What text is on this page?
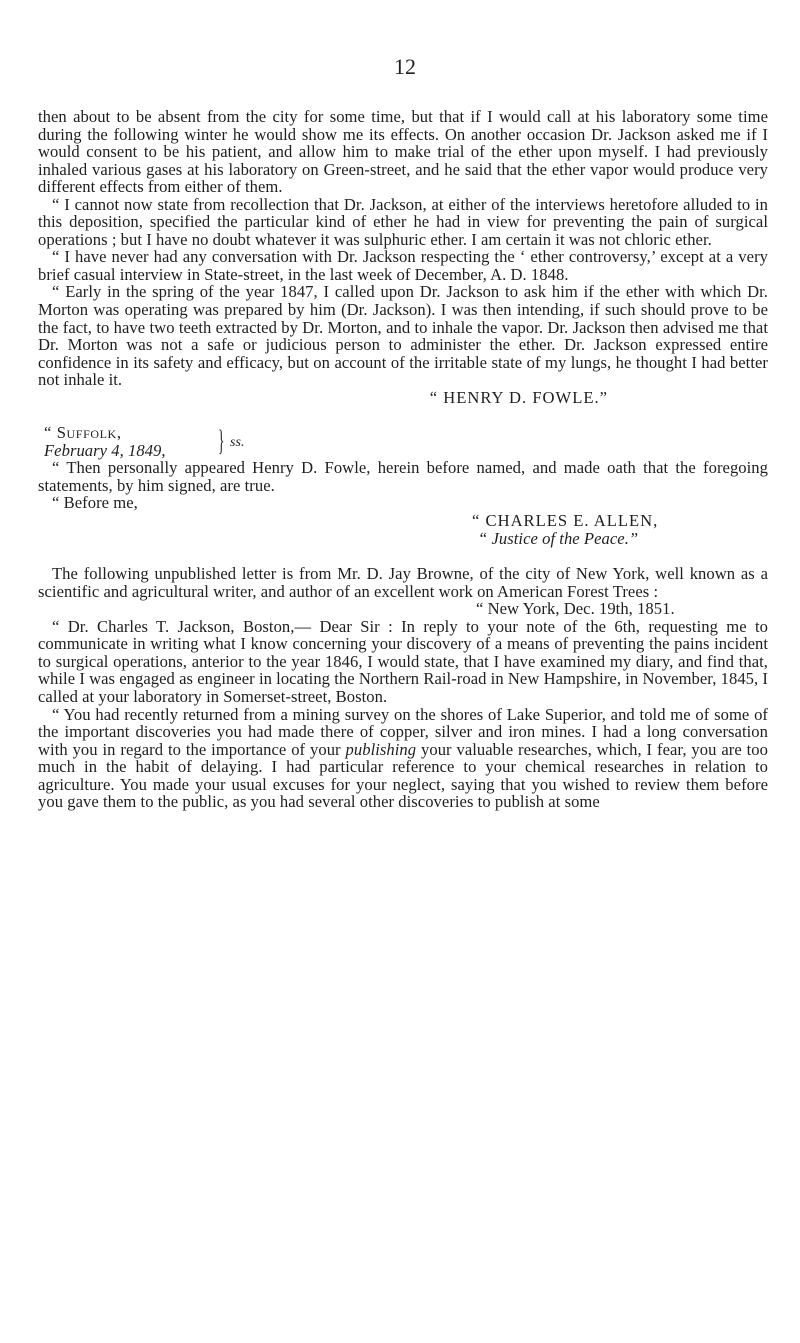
12

then about to be absent from the city for some time, but that if I would call at his laboratory some time during the following winter he would show me its effects. On another occasion Dr. Jackson asked me if I would consent to be his patient, and allow him to make trial of the ether upon myself. I had previously inhaled various gases at his laboratory on Green-street, and he said that the ether vapor would produce very different effects from either of them.

“ I cannot now state from recollection that Dr. Jackson, at either of the interviews heretofore alluded to in this deposition, specified the particular kind of ether he had in view for preventing the pain of surgical operations ; but I have no doubt whatever it was sulphuric ether. I am certain it was not chloric ether.

“ I have never had any conversation with Dr. Jackson respecting the ‘ ether controversy,’ except at a very brief casual interview in State-street, in the last week of December, A. D. 1848.

“ Early in the spring of the year 1847, I called upon Dr. Jackson to ask him if the ether with which Dr. Morton was operating was prepared by him (Dr. Jackson). I was then intending, if such should prove to be the fact, to have two teeth extracted by Dr. Morton, and to inhale the vapor. Dr. Jackson then advised me that Dr. Morton was not a safe or judicious person to administer the ether. Dr. Jackson expressed entire confidence in its safety and efficacy, but on account of the irritable state of my lungs, he thought I had better not inhale it.

“ HENRY D. FOWLE.”
“ Suffolk,
February 4, 1849,	} ss.

“ Then personally appeared Henry D. Fowle, herein before named, and made oath that the foregoing statements, by him signed, are true.

“ Before me,

“ CHARLES E. ALLEN,
“ Justice of the Peace.”

The following unpublished letter is from Mr. D. Jay Browne, of the city of New York, well known as a scientific and agricultural writer, and author of an excellent work on American Forest Trees :

“ New York, Dec. 19th, 1851.

“ Dr. Charles T. Jackson, Boston,— Dear Sir : In reply to your note of the 6th, requesting me to communicate in writing what I know concerning your discovery of a means of preventing the pains incident to surgical operations, anterior to the year 1846, I would state, that I have examined my diary, and find that, while I was engaged as engineer in locating the Northern Rail-road in New Hampshire, in November, 1845, I called at your laboratory in Somerset-street, Boston.

“ You had recently returned from a mining survey on the shores of Lake Superior, and told me of some of the important discoveries you had made there of copper, silver and iron mines. I had a long conversation with you in regard to the importance of your publishing your valuable researches, which, I fear, you are too much in the habit of delaying. I had particular reference to your chemical researches in relation to agriculture. You made your usual excuses for your neglect, saying that you wished to review them before you gave them to the public, as you had several other discoveries to publish at some
